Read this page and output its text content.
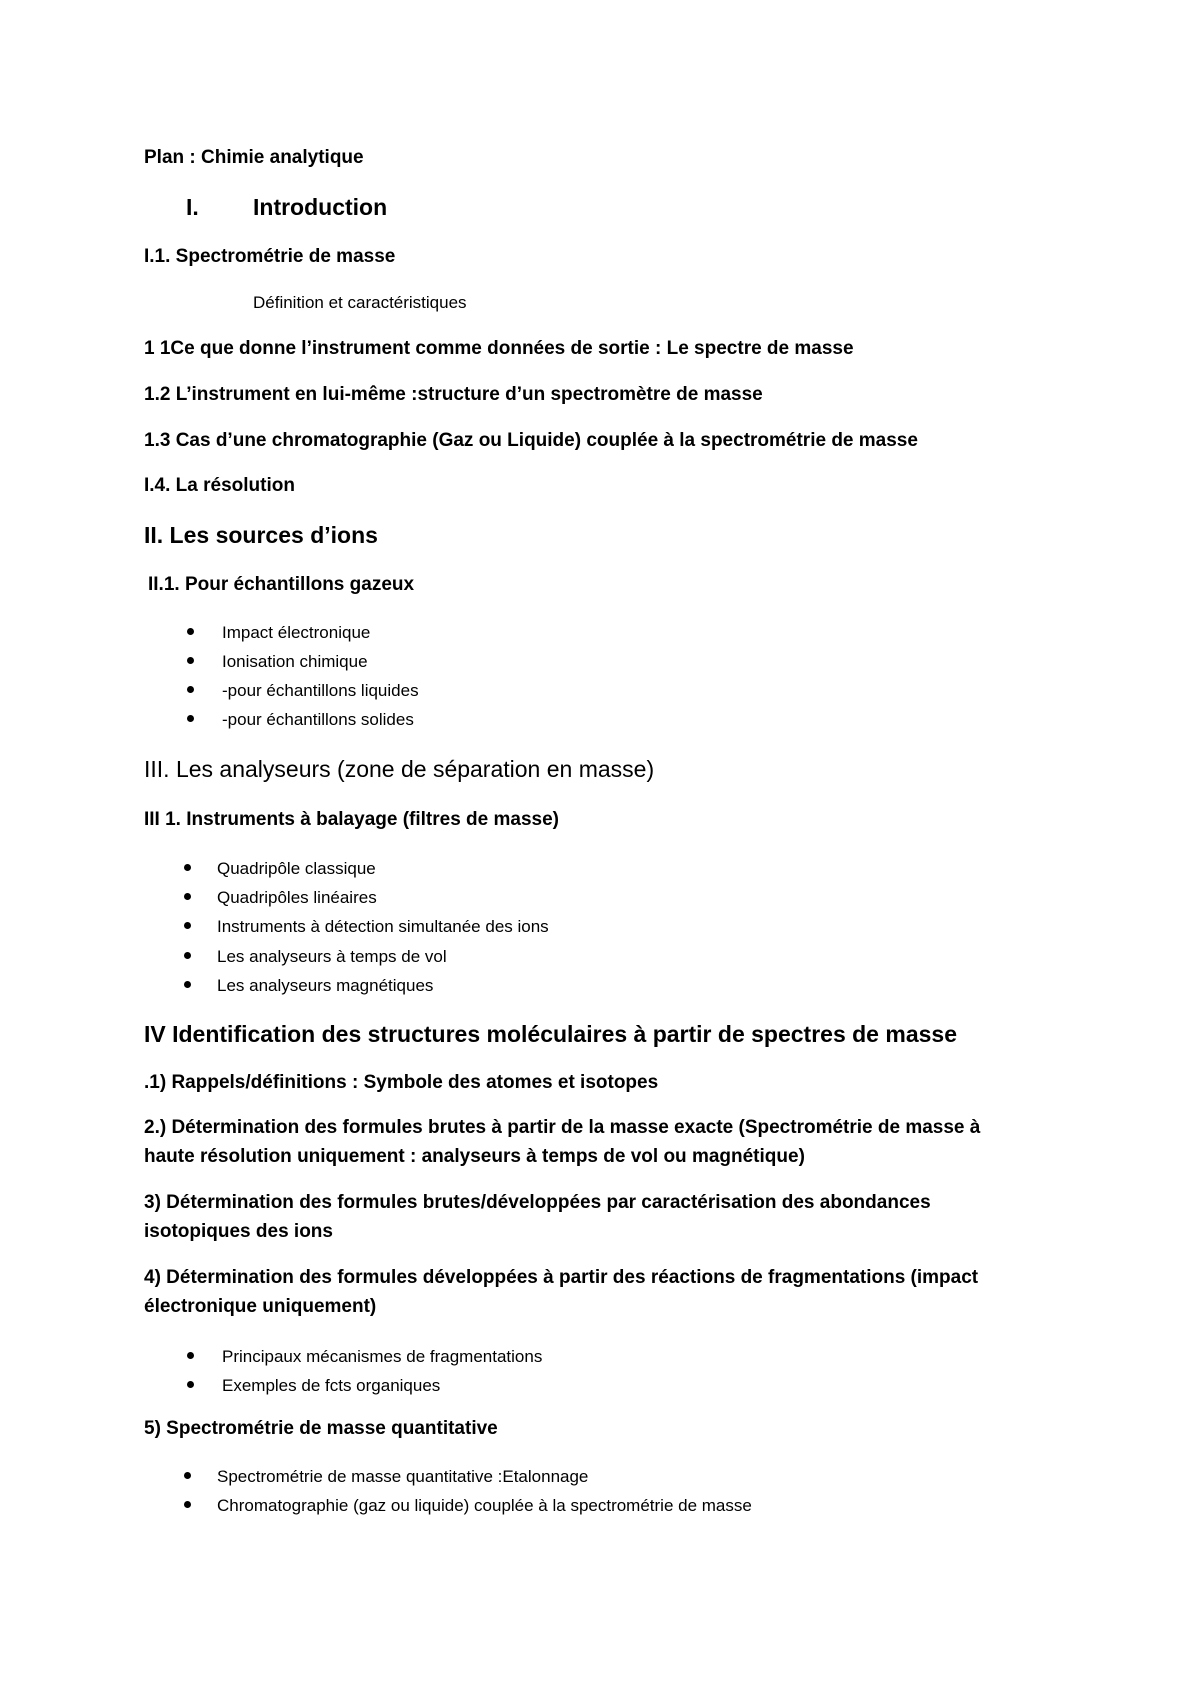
Plan : Chimie analytique
I. Introduction
I.1. Spectrométrie de masse
Définition et caractéristiques
1 1Ce que donne l’instrument comme données de sortie : Le spectre de masse
1.2 L’instrument en lui-même :structure d’un spectromètre de masse
1.3 Cas d’une chromatographie (Gaz ou Liquide) couplée à la spectrométrie de masse
I.4. La résolution
II. Les sources d’ions
II.1. Pour échantillons gazeux
Impact électronique
Ionisation chimique
-pour échantillons liquides
-pour échantillons solides
III. Les analyseurs (zone de séparation en masse)
III 1. Instruments à balayage (filtres de masse)
Quadripôle classique
Quadripôles linéaires
Instruments à détection simultanée des ions
Les analyseurs à temps de vol
Les analyseurs magnétiques
IV Identification des structures moléculaires à partir de spectres de masse
.1) Rappels/définitions : Symbole des atomes et isotopes
2.) Détermination des formules brutes à partir de la masse exacte (Spectrométrie de masse à
haute résolution uniquement : analyseurs à temps de vol ou magnétique)
3) Détermination des formules brutes/développées par caractérisation des abondances
isotopiques des ions
4) Détermination des formules développées à partir des réactions de fragmentations (impact
électronique uniquement)
Principaux mécanismes de fragmentations
Exemples de fcts organiques
5) Spectrométrie de masse quantitative
Spectrométrie de masse quantitative :Etalonnage
Chromatographie (gaz ou liquide) couplée à la spectrométrie de masse
